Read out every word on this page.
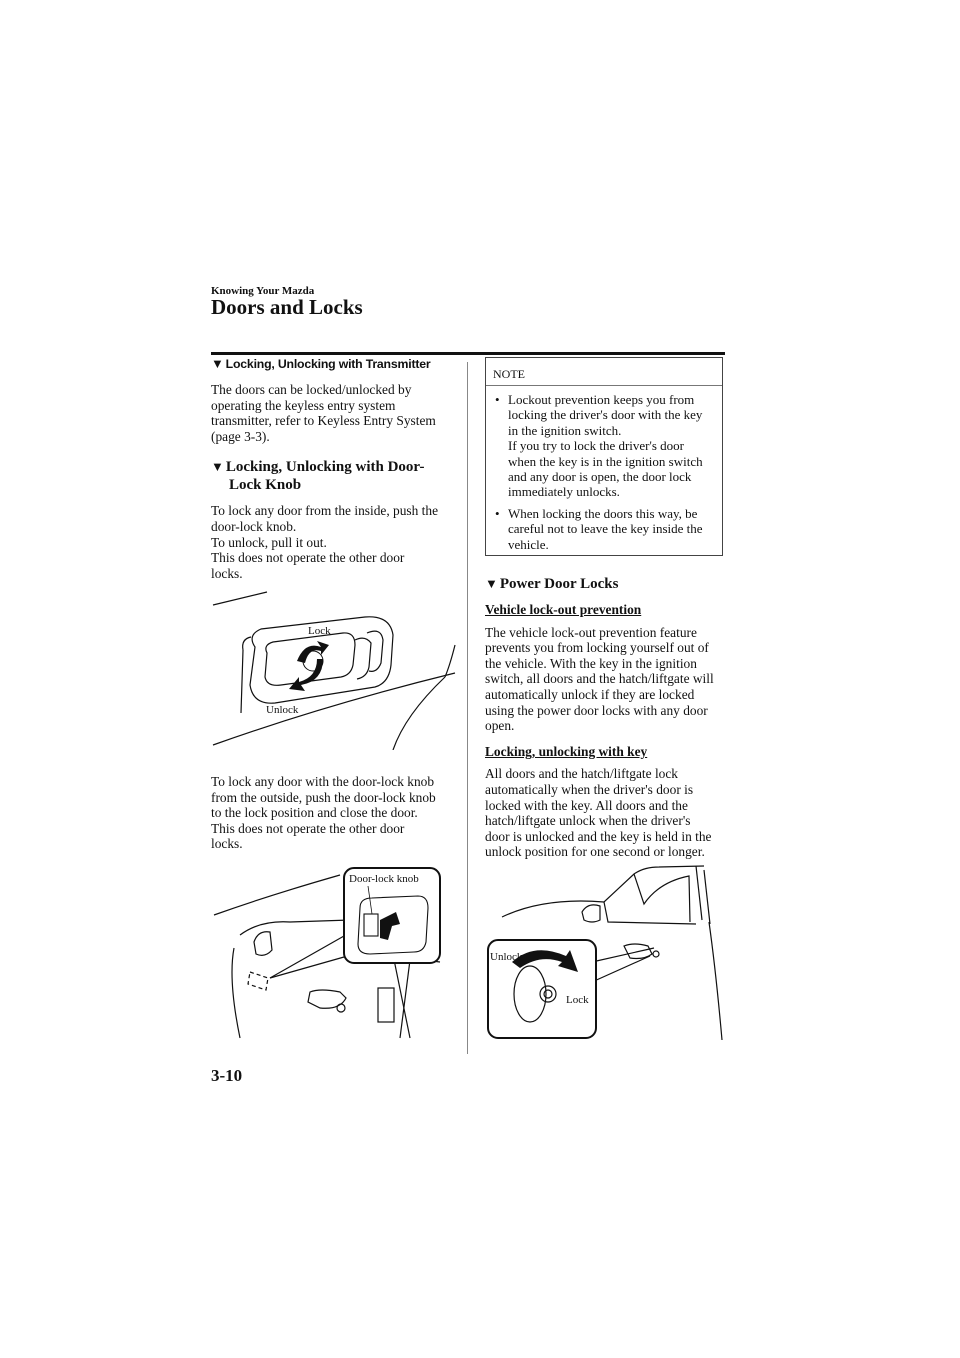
Knowing Your Mazda
Doors and Locks
▼ Locking, Unlocking with Transmitter
The doors can be locked/unlocked by
operating the keyless entry system
transmitter, refer to Keyless Entry System
(page 3-3).
▼ Locking, Unlocking with Door-
Lock Knob
To lock any door from the inside, push the
door-lock knob.
To unlock, pull it out.
This does not operate the other door
locks.
Lock
Unlock
To lock any door with the door-lock knob
from the outside, push the door-lock knob
to the lock position and close the door.
This does not operate the other door
locks.
Door-lock knob
NOTE
• Lockout prevention keeps you from
locking the driver's door with the key
in the ignition switch.
If you try to lock the driver's door
when the key is in the ignition switch
and any door is open, the door lock
immediately unlocks.
• When locking the doors this way, be
careful not to leave the key inside the
vehicle.
▼ Power Door Locks
Vehicle lock-out prevention
The vehicle lock-out prevention feature
prevents you from locking yourself out of
the vehicle. With the key in the ignition
switch, all doors and the hatch/liftgate will
automatically unlock if they are locked
using the power door locks with any door
open.
Locking, unlocking with key
All doors and the hatch/liftgate lock
automatically when the driver's door is
locked with the key. All doors and the
hatch/liftgate unlock when the driver's
door is unlocked and the key is held in the
unlock position for one second or longer.
Unlock
Lock
3-10
